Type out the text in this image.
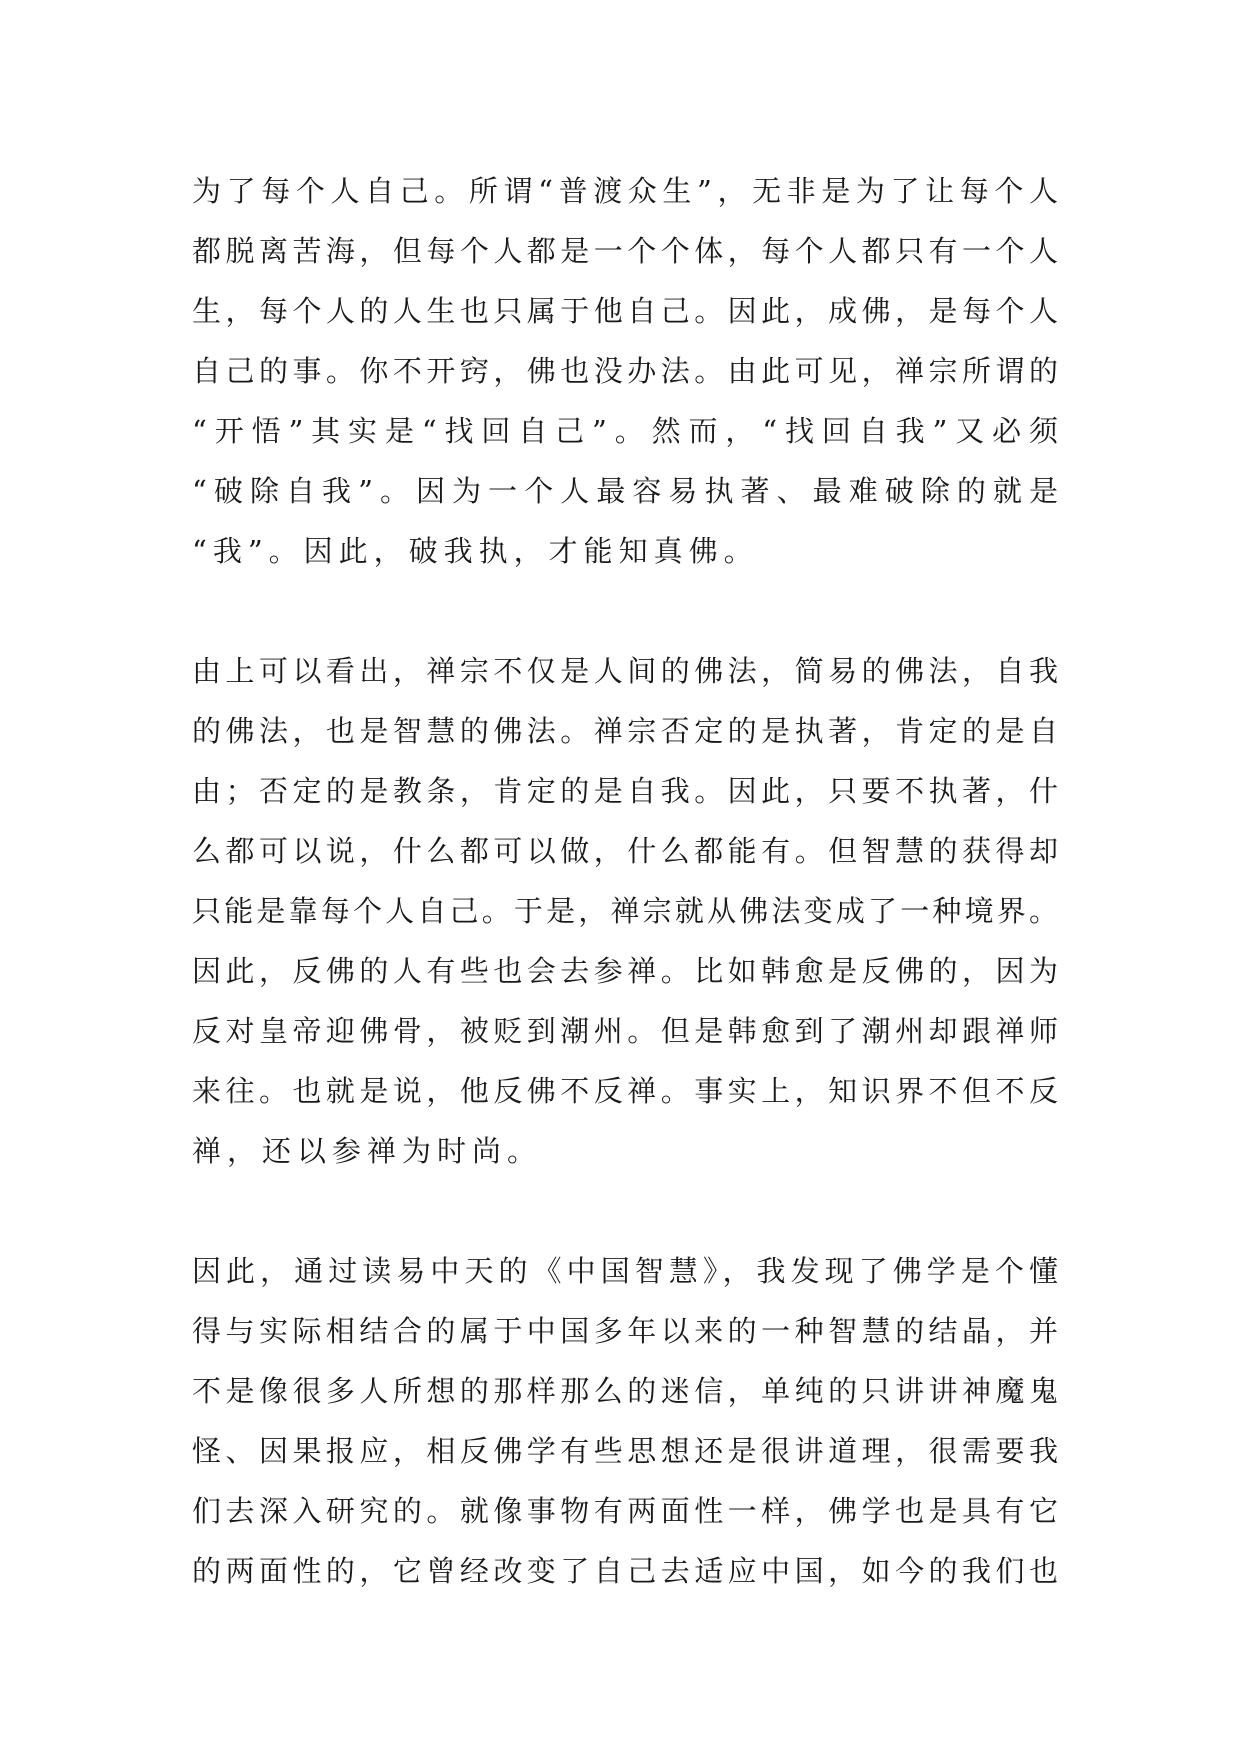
为了每个人自己。所谓“普渡众生”，无非是为了让每个人
都脱离苦海，但每个人都是一个个体，每个人都只有一个人
生，每个人的人生也只属于他自己。因此，成佛，是每个人
自己的事。你不开窍，佛也没办法。由此可见，禅宗所谓的
“开悟”其实是“找回自己”。然而，“找回自我”又必须
“破除自我”。因为一个人最容易执著、最难破除的就是
“我”。因此，破我执，才能知真佛。

由上可以看出，禅宗不仅是人间的佛法，简易的佛法，自我
的佛法，也是智慧的佛法。禅宗否定的是执著，肯定的是自
由；否定的是教条，肯定的是自我。因此，只要不执著，什
么都可以说，什么都可以做，什么都能有。但智慧的获得却
只能是靠每个人自己。于是，禅宗就从佛法变成了一种境界。
因此，反佛的人有些也会去参禅。比如韩愈是反佛的，因为
反对皇帝迎佛骨，被贬到潮州。但是韩愈到了潮州却跟禅师
来往。也就是说，他反佛不反禅。事实上，知识界不但不反
禅，还以参禅为时尚。

因此，通过读易中天的《中国智慧》，我发现了佛学是个懂
得与实际相结合的属于中国多年以来的一种智慧的结晶，并
不是像很多人所想的那样那么的迷信，单纯的只讲讲神魔鬼
怪、因果报应，相反佛学有些思想还是很讲道理，很需要我
们去深入研究的。就像事物有两面性一样，佛学也是具有它
的两面性的，它曾经改变了自己去适应中国，如今的我们也
